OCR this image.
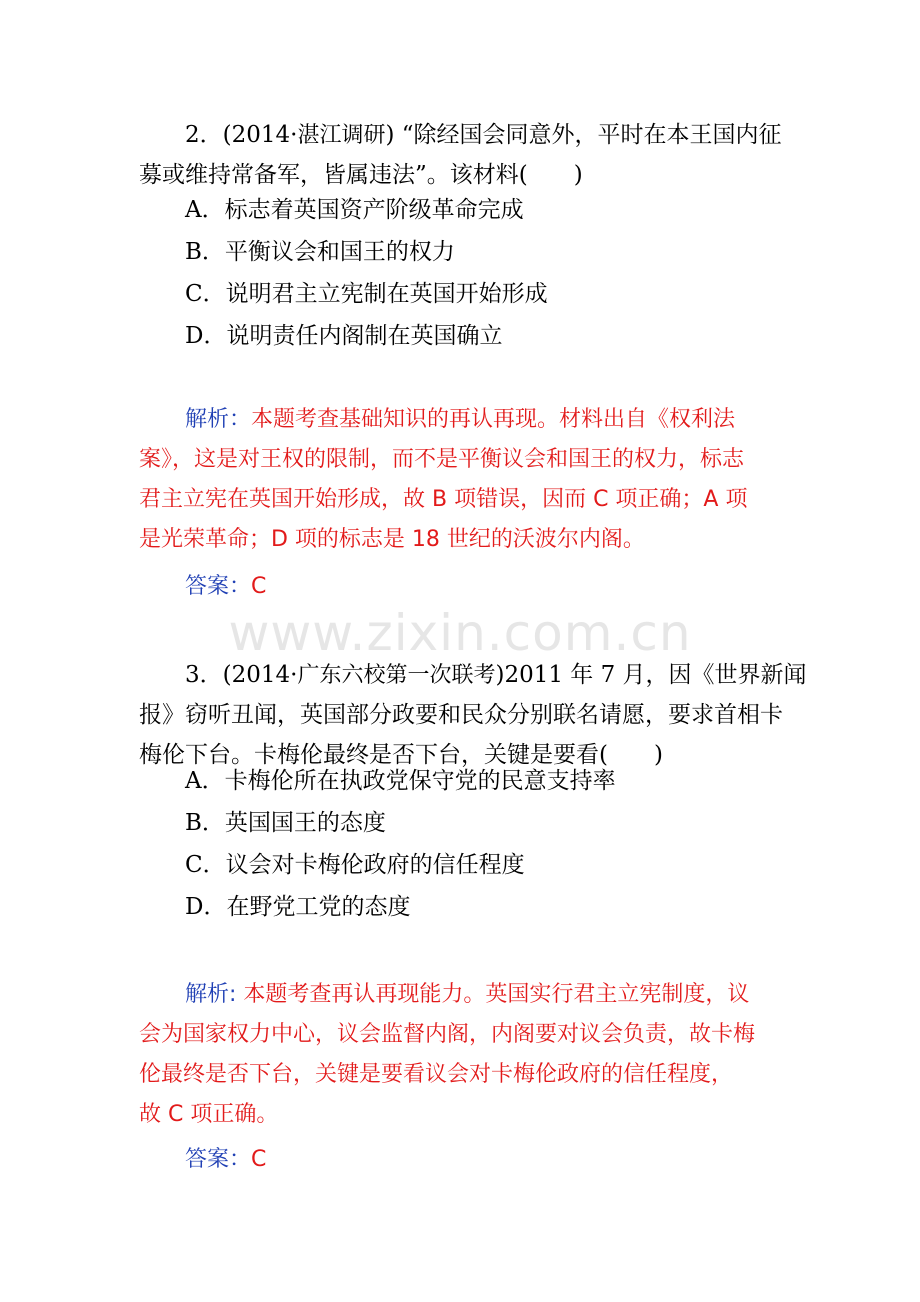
2．(2014·湛江调研) “除经国会同意外，平时在本王国内征
募或维持常备军，皆属违法”。该材料(　　)
A．标志着英国资产阶级革命完成
B．平衡议会和国王的权力
C．说明君主立宪制在英国开始形成
D．说明责任内阁制在英国确立
解析：本题考查基础知识的再认再现。材料出自《权利法
案》，这是对王权的限制，而不是平衡议会和国王的权力，标志
君主立宪在英国开始形成，故 B 项错误，因而 C 项正确；A 项
是光荣革命；D 项的标志是 18 世纪的沃波尔内阁。
答案：C
www.zixin.com.cn
3．(2014·广东六校第一次联考)2011 年 7 月，因《世界新闻
报》窃听丑闻，英国部分政要和民众分别联名请愿，要求首相卡
梅伦下台。卡梅伦最终是否下台，关键是要看(　　)
A．卡梅伦所在执政党保守党的民意支持率
B．英国国王的态度
C．议会对卡梅伦政府的信任程度
D．在野党工党的态度
解析: 本题考查再认再现能力。英国实行君主立宪制度，议
会为国家权力中心，议会监督内阁，内阁要对议会负责，故卡梅
伦最终是否下台，关键是要看议会对卡梅伦政府的信任程度，
故 C 项正确。
答案：C
